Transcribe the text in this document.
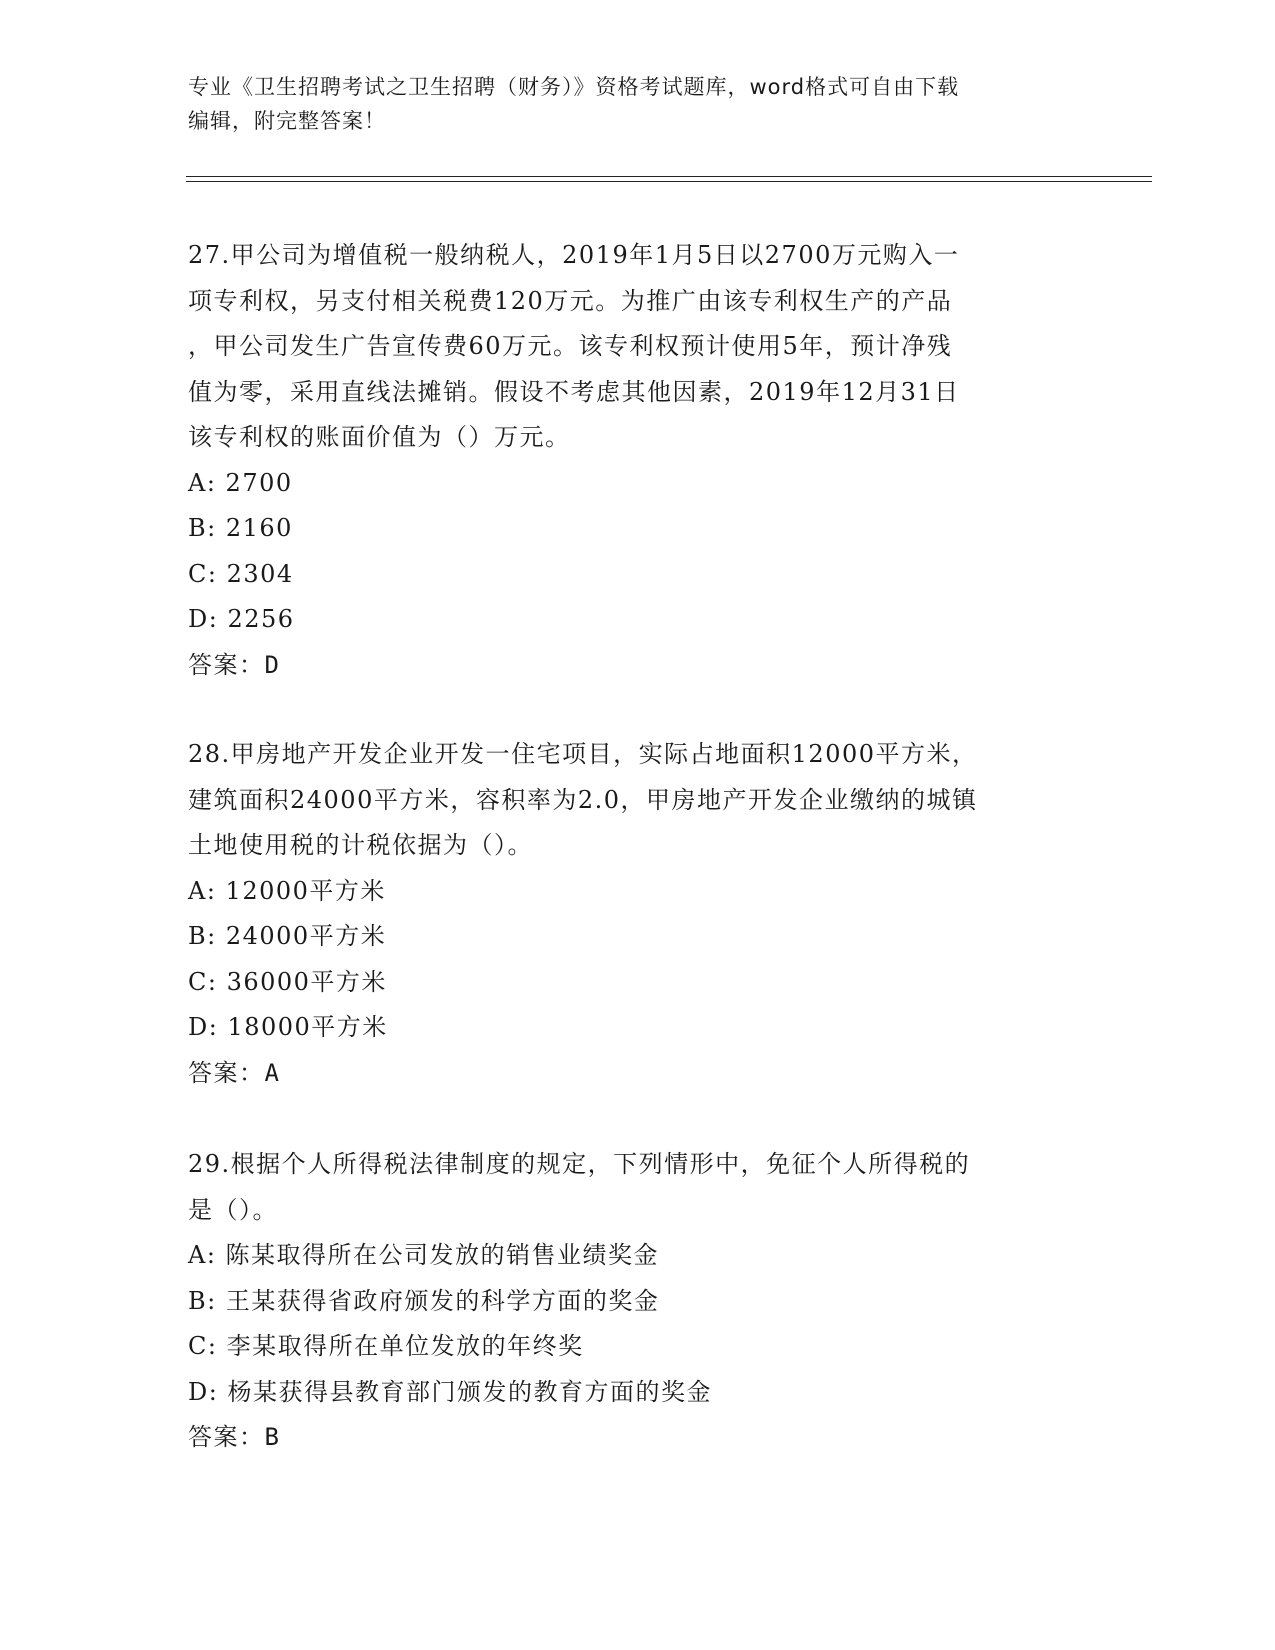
专业《卫生招聘考试之卫生招聘（财务）》资格考试题库，word格式可自由下载
编辑，附完整答案！
27.甲公司为增值税一般纳税人，2019年1月5日以2700万元购入一
项专利权，另支付相关税费120万元。为推广由该专利权生产的产品
，甲公司发生广告宣传费60万元。该专利权预计使用5年，预计净残
值为零，采用直线法摊销。假设不考虑其他因素，2019年12月31日
该专利权的账面价值为（）万元。
A: 2700
B: 2160
C: 2304
D: 2256
答案：D
28.甲房地产开发企业开发一住宅项目，实际占地面积12000平方米，
建筑面积24000平方米，容积率为2.0，甲房地产开发企业缴纳的城镇
土地使用税的计税依据为（）。
A: 12000平方米
B: 24000平方米
C: 36000平方米
D: 18000平方米
答案：A
29.根据个人所得税法律制度的规定，下列情形中，免征个人所得税的
是（）。
A: 陈某取得所在公司发放的销售业绩奖金
B: 王某获得省政府颁发的科学方面的奖金
C: 李某取得所在单位发放的年终奖
D: 杨某获得县教育部门颁发的教育方面的奖金
答案：B
